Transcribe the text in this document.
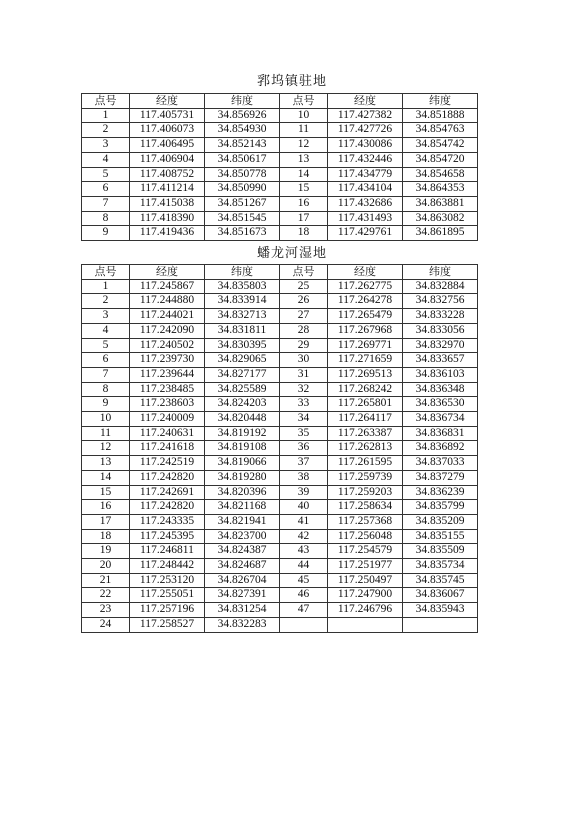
郛坞镇驻地
点号	经度	纬度	点号	经度	纬度
1	117.405731	34.856926	10	117.427382	34.851888
2	117.406073	34.854930	11	117.427726	34.854763
3	117.406495	34.852143	12	117.430086	34.854742
4	117.406904	34.850617	13	117.432446	34.854720
5	117.408752	34.850778	14	117.434779	34.854658
6	117.411214	34.850990	15	117.434104	34.864353
7	117.415038	34.851267	16	117.432686	34.863881
8	117.418390	34.851545	17	117.431493	34.863082
9	117.419436	34.851673	18	117.429761	34.861895
蟠龙河湿地
点号	经度	纬度	点号	经度	纬度
1	117.245867	34.835803	25	117.262775	34.832884
2	117.244880	34.833914	26	117.264278	34.832756
3	117.244021	34.832713	27	117.265479	34.833228
4	117.242090	34.831811	28	117.267968	34.833056
5	117.240502	34.830395	29	117.269771	34.832970
6	117.239730	34.829065	30	117.271659	34.833657
7	117.239644	34.827177	31	117.269513	34.836103
8	117.238485	34.825589	32	117.268242	34.836348
9	117.238603	34.824203	33	117.265801	34.836530
10	117.240009	34.820448	34	117.264117	34.836734
11	117.240631	34.819192	35	117.263387	34.836831
12	117.241618	34.819108	36	117.262813	34.836892
13	117.242519	34.819066	37	117.261595	34.837033
14	117.242820	34.819280	38	117.259739	34.837279
15	117.242691	34.820396	39	117.259203	34.836239
16	117.242820	34.821168	40	117.258634	34.835799
17	117.243335	34.821941	41	117.257368	34.835209
18	117.245395	34.823700	42	117.256048	34.835155
19	117.246811	34.824387	43	117.254579	34.835509
20	117.248442	34.824687	44	117.251977	34.835734
21	117.253120	34.826704	45	117.250497	34.835745
22	117.255051	34.827391	46	117.247900	34.836067
23	117.257196	34.831254	47	117.246796	34.835943
24	117.258527	34.832283			
